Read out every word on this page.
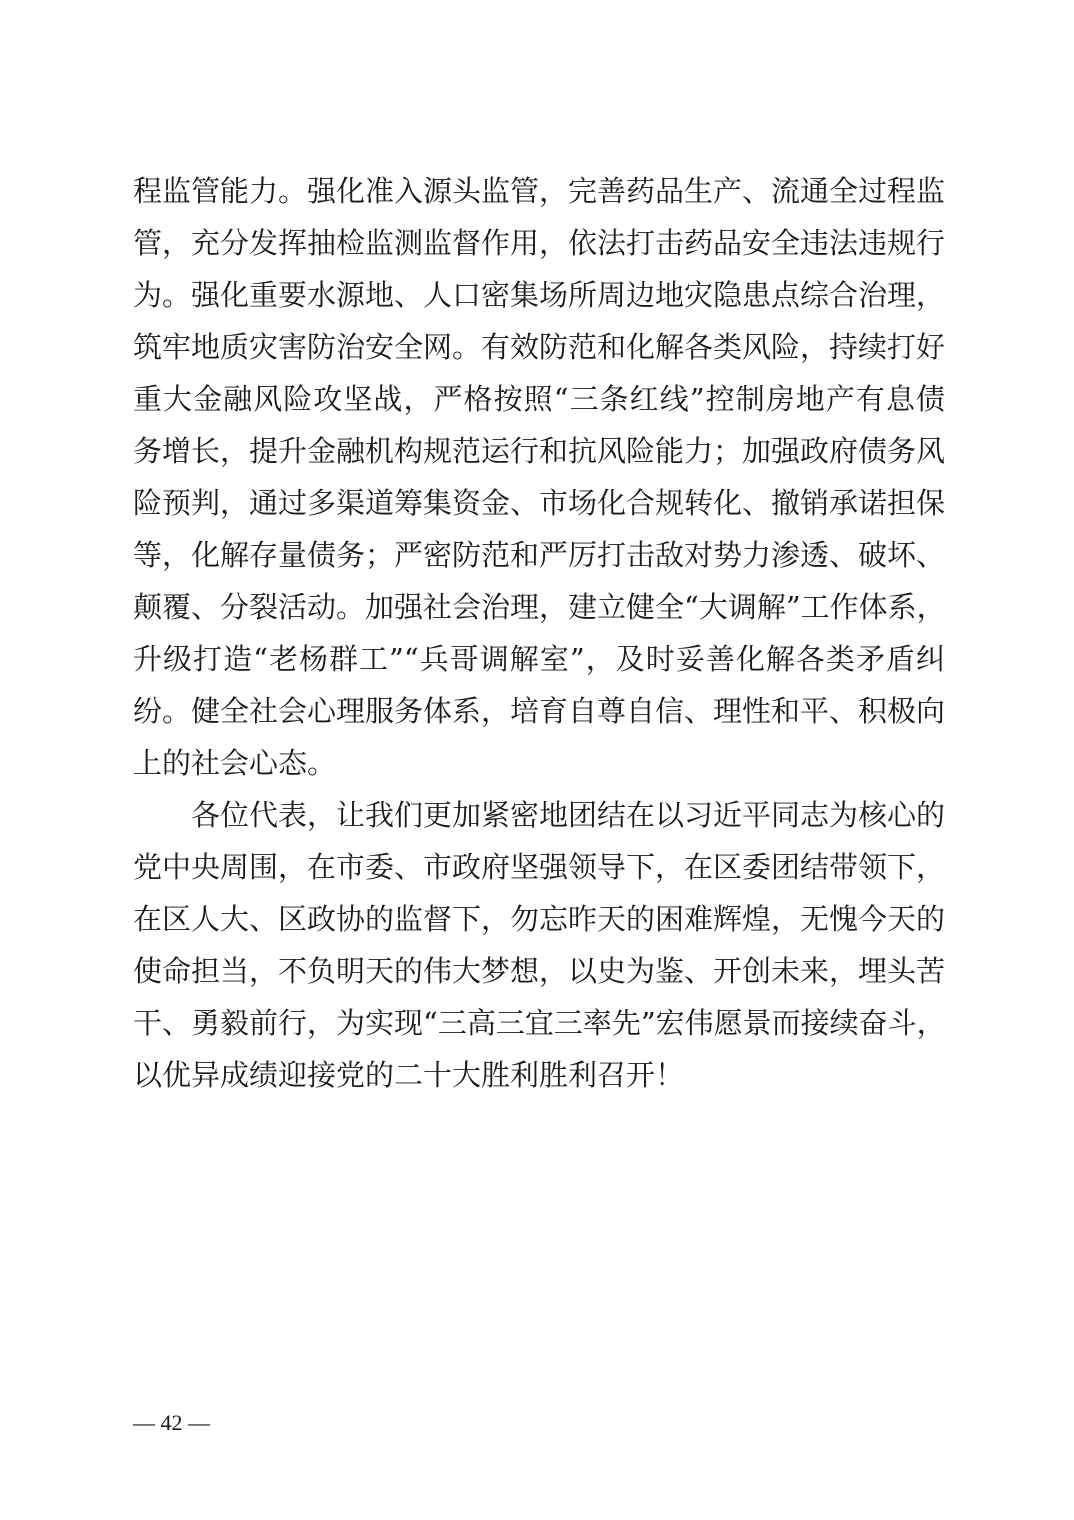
程监管能力。强化准入源头监管，完善药品生产、流通全过程监
管，充分发挥抽检监测监督作用，依法打击药品安全违法违规行
为。强化重要水源地、人口密集场所周边地灾隐患点综合治理，
筑牢地质灾害防治安全网。有效防范和化解各类风险，持续打好
重大金融风险攻坚战，严格按照“三条红线”控制房地产有息债
务增长，提升金融机构规范运行和抗风险能力；加强政府债务风
险预判，通过多渠道筹集资金、市场化合规转化、撤销承诺担保
等，化解存量债务；严密防范和严厉打击敌对势力渗透、破坏、
颠覆、分裂活动。加强社会治理，建立健全“大调解”工作体系，
升级打造“老杨群工”“兵哥调解室”，及时妥善化解各类矛盾纠
纷。健全社会心理服务体系，培育自尊自信、理性和平、积极向
上的社会心态。
　　各位代表，让我们更加紧密地团结在以习近平同志为核心的
党中央周围，在市委、市政府坚强领导下，在区委团结带领下，
在区人大、区政协的监督下，勿忘昨天的困难辉煌，无愧今天的
使命担当，不负明天的伟大梦想，以史为鉴、开创未来，埋头苦
干、勇毅前行，为实现“三高三宜三率先”宏伟愿景而接续奋斗，
以优异成绩迎接党的二十大胜利胜利召开！
— 42 —
